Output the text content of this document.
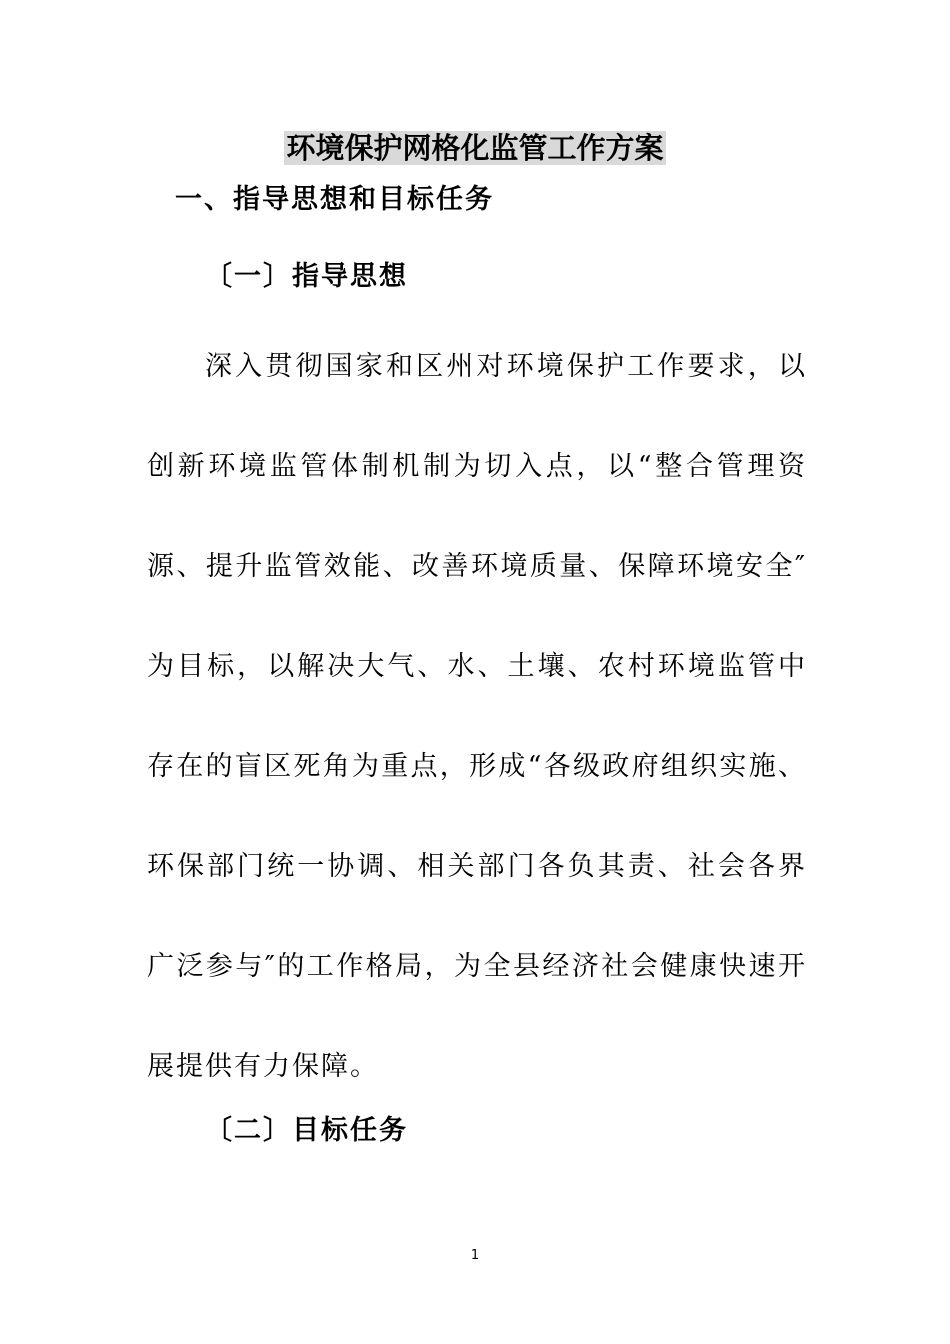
环境保护网格化监管工作方案
一、指导思想和目标任务
〔一〕指导思想

深入贯彻国家和区州对环境保护工作要求，以创新环境监管体制机制为切入点，以“整合管理资源、提升监管效能、改善环境质量、保障环境安全″为目标，以解决大气、水、土壤、农村环境监管中存在的盲区死角为重点，形成“各级政府组织实施、环保部门统一协调、相关部门各负其责、社会各界广泛参与″的工作格局，为全县经济社会健康快速开展提供有力保障。

〔二〕目标任务
1
